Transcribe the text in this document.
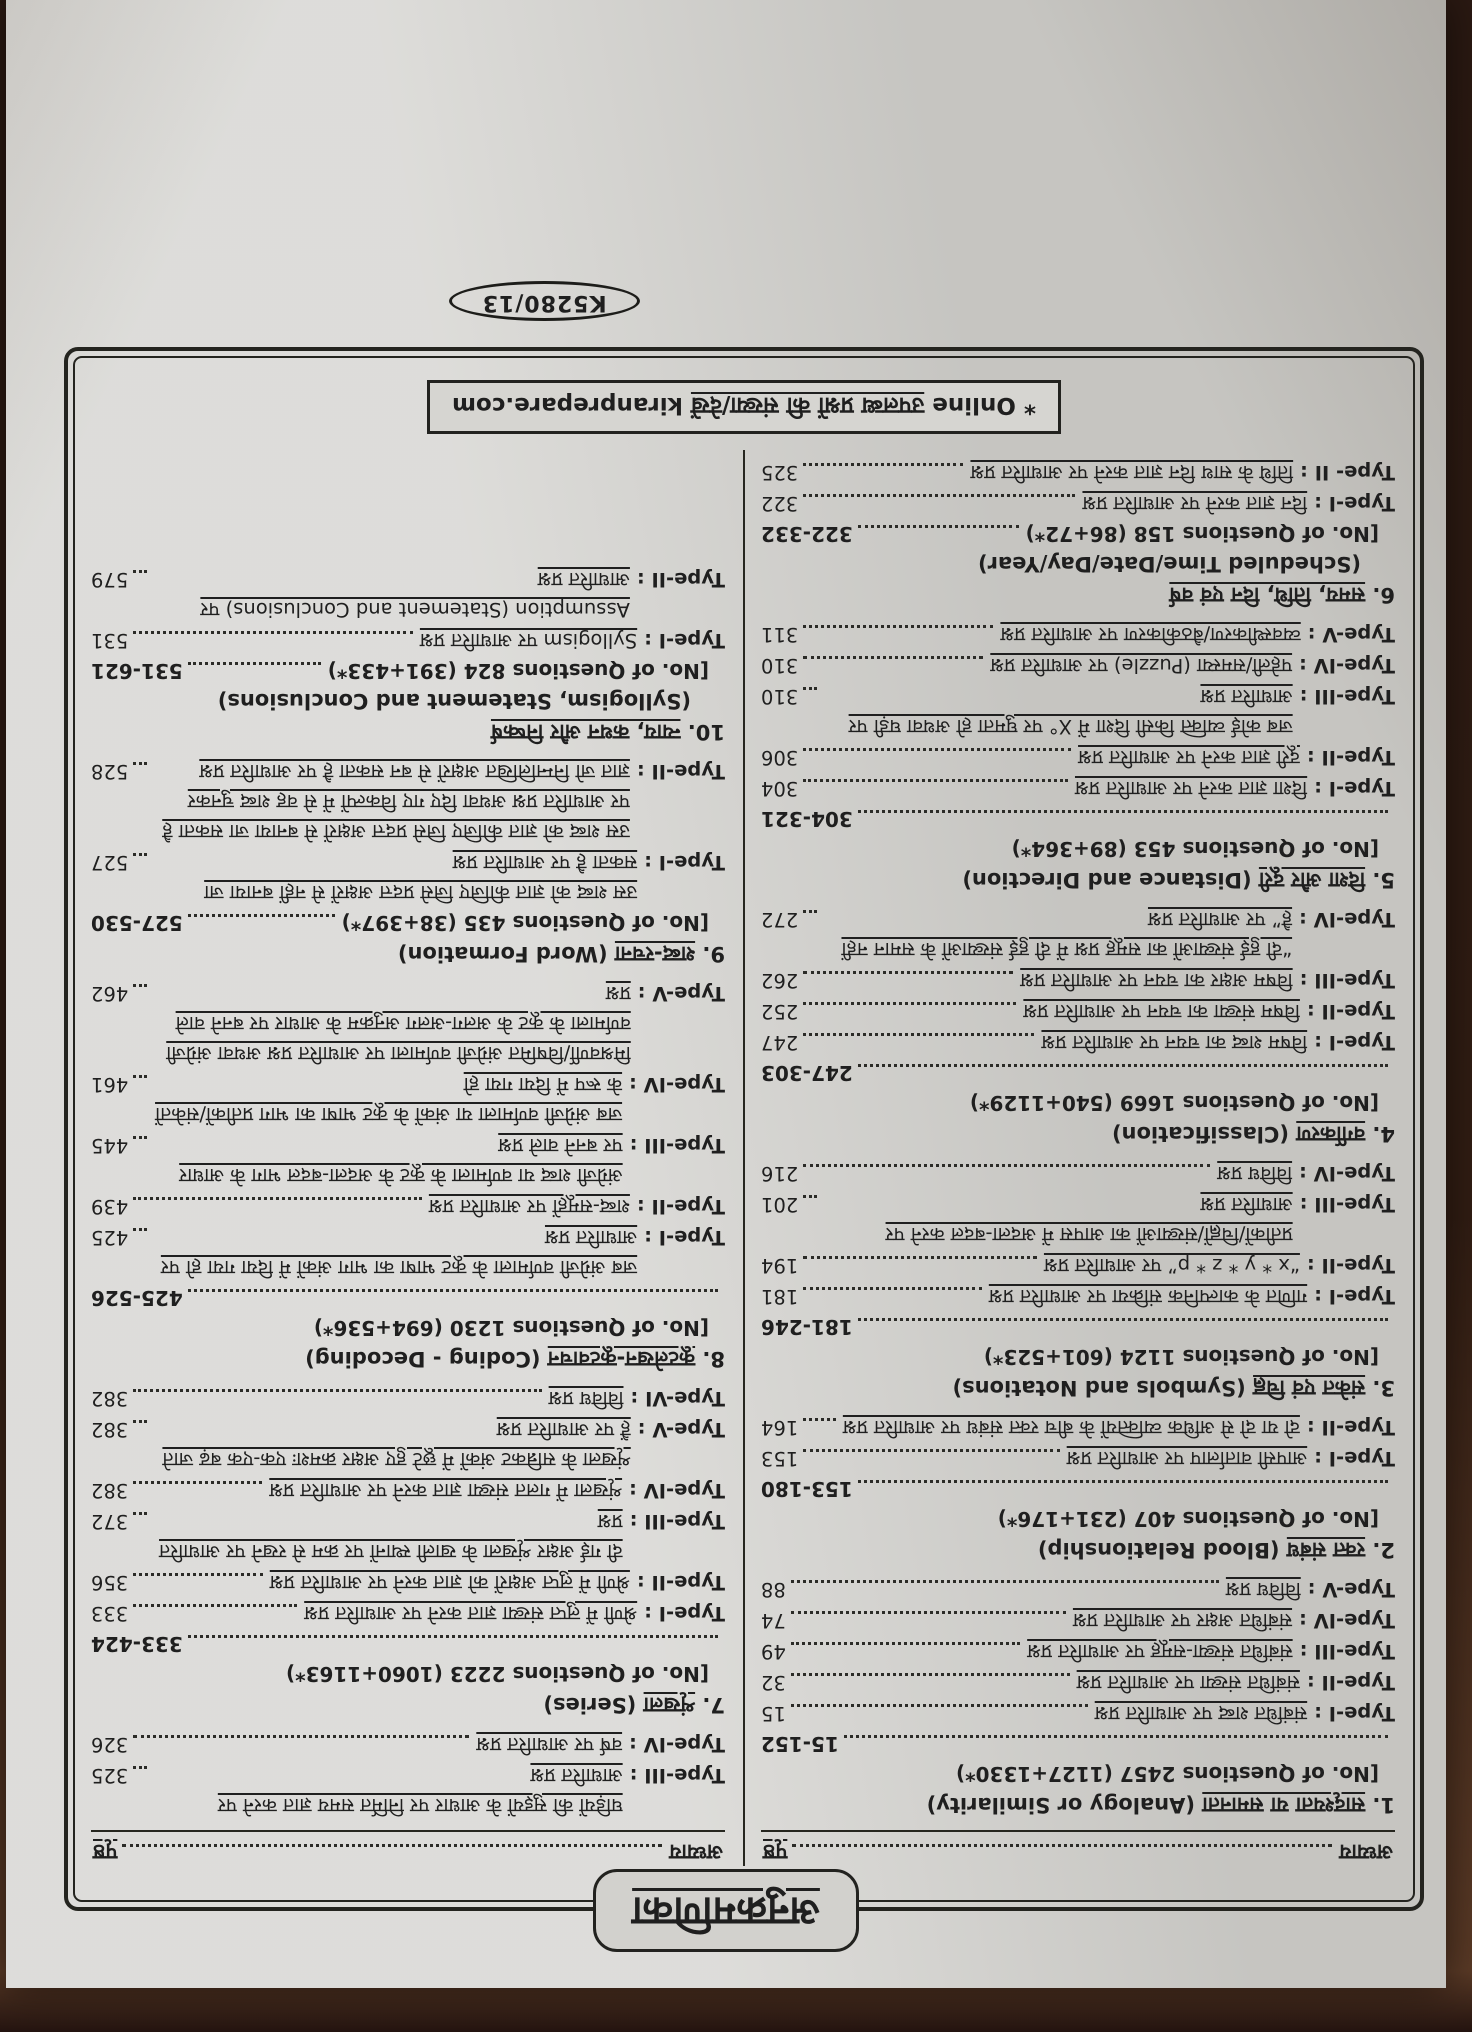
अनुक्रमणिका
अध्याय
पृष्ठ
1. सादृश्यता या समानता (Analogy or Similarity)
[No. of Questions 2457 (1127+1330*)
15-152
Type-I :
संबंधित शब्द पर आधारित प्रश्न
15
Type-II :
संबंधित संख्या पर आधारित प्रश्न
32
Type-III :
संबंधित संख्या-समूह पर आधारित प्रश्न
49
Type-IV :
संबंधित अक्षर पर आधारित प्रश्न
74
Type-V :
विविध प्रश्न
88
2. रक्त संबंध (Blood Relationship)
[No. of Questions 407 (231+176*)
153-180
Type-I :
आपसी वार्तालाप पर आधारित प्रश्न
153
Type-II :
दो या दो से अधिक व्यक्तियों के बीच रक्त संबंध पर आधारित प्रश्न
164
3. संकेत एवं चिह्न (Symbols and Notations)
[No. of Questions 1124 (601+523*)
181-246
Type-I :
गणित के काल्पनिक संक्रिया पर आधारित प्रश्न
181
Type-II :
“x * y * z * p” पर आधारित प्रश्न
194
Type-III :
प्रतीकों/चिह्नों/संख्याओं का आपस में अदला-बदल करने पर आधारित प्रश्न
201
Type-IV :
विविध प्रश्न
216
4. वर्गीकरण (Classification)
[No. of Questions 1669 (540+1129*)
247-303
Type-I :
विषम शब्द का चयन पर आधारित प्रश्न
247
Type-II :
विषम संख्या का चयन पर आधारित प्रश्न
252
Type-III :
विषम अक्षर का चयन पर आधारित प्रश्न
262
Type-IV :
“दी हुई संख्याओं का समूह प्रश्न में दी हुई संख्याओं के समान नहीं है” पर आधारित प्रश्न
272
5. दिशा और दूरी (Distance and Direction)
[No. of Questions 453 (89+364*)
304-321
Type-I :
दिशा ज्ञात करने पर आधारित प्रश्न
304
Type-II :
दूरी ज्ञात करने पर आधारित प्रश्न
306
Type-III :
जब कोई व्यक्ति किसी दिशा में X° पर घुमता हो अथवा घड़ी पर आधारित प्रश्न
310
Type-IV :
पहेली/समस्या (Puzzle) पर आधारित प्रश्न
310
Type-V :
व्यवस्थीकरण/बैठकीकरण पर आधारित प्रश्न
311
6. समय, तिथि, दिन एवं वर्ष
(Scheduled Time/Date/Day/Year)
[No. of Questions 158 (86+72*)
322-332
Type-I :
दिन ज्ञात करने पर आधारित प्रश्न
322
Type- II :
तिथि के साथ दिन ज्ञात करने पर आधारित प्रश्न
325
अध्याय
पृष्ठ
Type-III :
घड़ियों की सुइयों के आधार पर निर्मित समय ज्ञात करने पर आधारित प्रश्न
325
Type-IV :
वर्ष पर आधारित प्रश्न
326
7. शृंखला (Series)
[No. of Questions 2223 (1060+1163*)
333-424
Type-I :
श्रेणी में लुप्त संख्या ज्ञात करने पर आधारित प्रश्न
333
Type-II :
श्रेणी में लुप्त अक्षरों को ज्ञात करने पर आधारित प्रश्न
356
Type-III :
दी गई अक्षर शृंखला के खाली स्थानों पर क्रम से रखने पर आधारित प्रश्न
372
Type-IV :
शृंखला में गलत संख्या ज्ञात करने पर आधारित प्रश्न
382
Type-V :
शृंखला के सन्निकट अंकों में छूटे हुए अक्षर क्रमशः एक-एक बढ़ जाते हैं पर आधारित प्रश्न
382
Type-VI :
विविध प्रश्न
382
8. कूटलेखन-कूटवाचन (Coding - Decoding)
[No. of Questions 1230 (694+536*)
425-526
Type-I :
जब अंग्रेजी वर्णमाला के कूट भाषा का भाग अंकों में दिया गया हो पर आधारित प्रश्न
425
Type-II :
शब्द-समूहों पर आधारित प्रश्न
439
Type-III :
अंग्रेजी शब्द या वर्णमाला के कूट के अदला-बदल भाग के आधार पर बनने वाले प्रश्न
445
Type-IV :
जब अंग्रेजी वर्णमाला या अंकों के कूट भाषा का भाग प्रतीकों/संकेतों के रूप में दिया गया हो
461
Type-V :
मिश्रवर्णी/विषमित अंग्रेजी वर्णमाला पर आधारित प्रश्न अथवा अंग्रेजी वर्णमाला के कूट के अलग-अलग अनुक्रम के आधार पर बनने वाले प्रश्न
462
9. शब्द-रचना (Word Formation)
[No. of Questions 435 (38+397*)
527-530
Type-I :
उस शब्द को ज्ञात कीजिए जिसे प्रदत्त अक्षरों से नहीं बनाया जा सकता है पर आधारित प्रश्न
527
Type-II :
उस शब्द को ज्ञात कीजिए जिसे प्रदत्त अक्षरों से बनाया जा सकता है पर आधारित प्रश्न अथवा दिए गए विकल्पों में से वह शब्द चुनकर ज्ञात जो निम्नलिखित अक्षरों से बन सकता है पर आधारित प्रश्न
528
10. न्याय, कथन और निष्कर्ष
(Syllogism, Statement and Conclusions)
[No. of Questions 824 (391+433*)
531-621
Type-I :
Syllogism पर आधारित प्रश्न
531
Type-II :
Assumption (Statement and Conclusions) पर आधारित प्रश्न
579
* Online उपलब्ध प्रश्नों की संख्या/देखें kiranprepare.com
K5280/13
